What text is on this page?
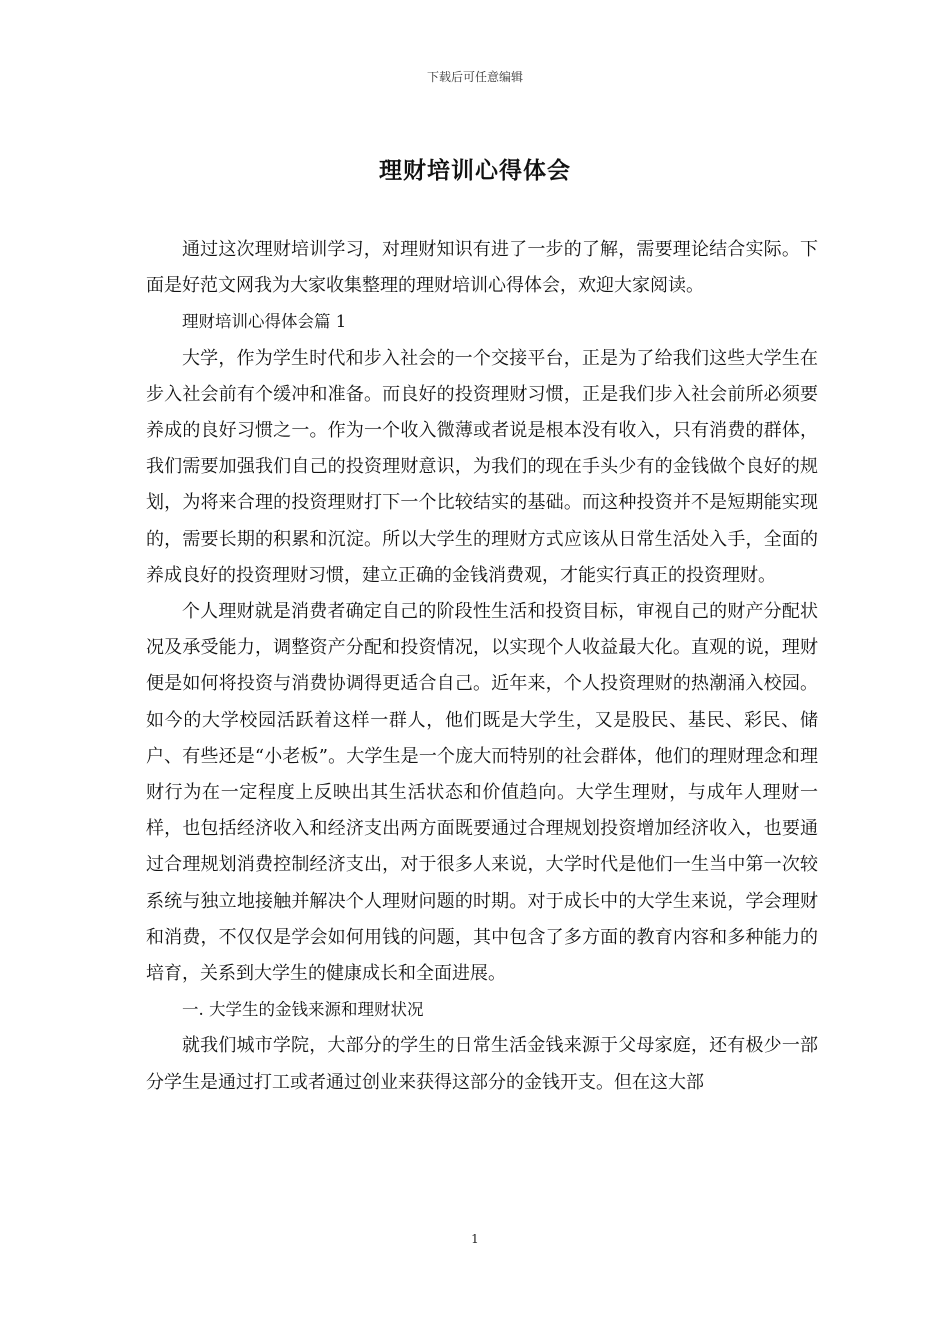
下载后可任意编辑
理财培训心得体会

通过这次理财培训学习，对理财知识有进了一步的了解，需要理论结合实际。下面是好范文网我为大家收集整理的理财培训心得体会，欢迎大家阅读。

理财培训心得体会篇 1

大学，作为学生时代和步入社会的一个交接平台，正是为了给我们这些大学生在步入社会前有个缓冲和准备。而良好的投资理财习惯，正是我们步入社会前所必须要养成的良好习惯之一。作为一个收入微薄或者说是根本没有收入，只有消费的群体，我们需要加强我们自己的投资理财意识，为我们的现在手头少有的金钱做个良好的规划，为将来合理的投资理财打下一个比较结实的基础。而这种投资并不是短期能实现的，需要长期的积累和沉淀。所以大学生的理财方式应该从日常生活处入手，全面的养成良好的投资理财习惯，建立正确的金钱消费观，才能实行真正的投资理财。

个人理财就是消费者确定自己的阶段性生活和投资目标，审视自己的财产分配状况及承受能力，调整资产分配和投资情况，以实现个人收益最大化。直观的说，理财便是如何将投资与消费协调得更适合自己。近年来，个人投资理财的热潮涌入校园。如今的大学校园活跃着这样一群人，他们既是大学生，又是股民、基民、彩民、储户、有些还是“小老板”。大学生是一个庞大而特别的社会群体，他们的理财理念和理财行为在一定程度上反映出其生活状态和价值趋向。大学生理财，与成年人理财一样，也包括经济收入和经济支出两方面既要通过合理规划投资增加经济收入，也要通过合理规划消费控制经济支出，对于很多人来说，大学时代是他们一生当中第一次较系统与独立地接触并解决个人理财问题的时期。对于成长中的大学生来说，学会理财和消费，不仅仅是学会如何用钱的问题，其中包含了多方面的教育内容和多种能力的培育，关系到大学生的健康成长和全面进展。

一. 大学生的金钱来源和理财状况

就我们城市学院，大部分的学生的日常生活金钱来源于父母家庭，还有极少一部分学生是通过打工或者通过创业来获得这部分的金钱开支。但在这大部

1
